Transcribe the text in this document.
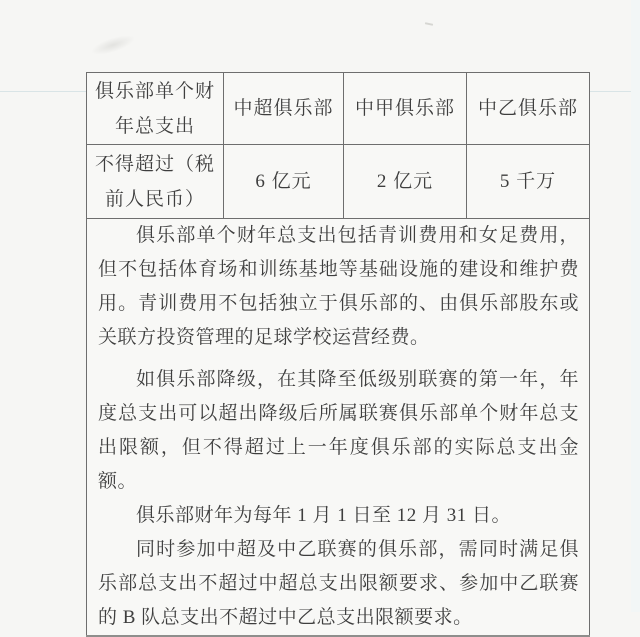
俱乐部单个财年总支出	中超俱乐部	中甲俱乐部	中乙俱乐部
不得超过（税前人民币）	6 亿元	2 亿元	5 千万

俱乐部单个财年总支出包括青训费用和女足费用，但不包括体育场和训练基地等基础设施的建设和维护费用。青训费用不包括独立于俱乐部的、由俱乐部股东或关联方投资管理的足球学校运营经费。

如俱乐部降级，在其降至低级别联赛的第一年，年度总支出可以超出降级后所属联赛俱乐部单个财年总支出限额，但不得超过上一年度俱乐部的实际总支出金额。

俱乐部财年为每年 1 月 1 日至 12 月 31 日。

同时参加中超及中乙联赛的俱乐部，需同时满足俱乐部总支出不超过中超总支出限额要求、参加中乙联赛的 B 队总支出不超过中乙总支出限额要求。			
